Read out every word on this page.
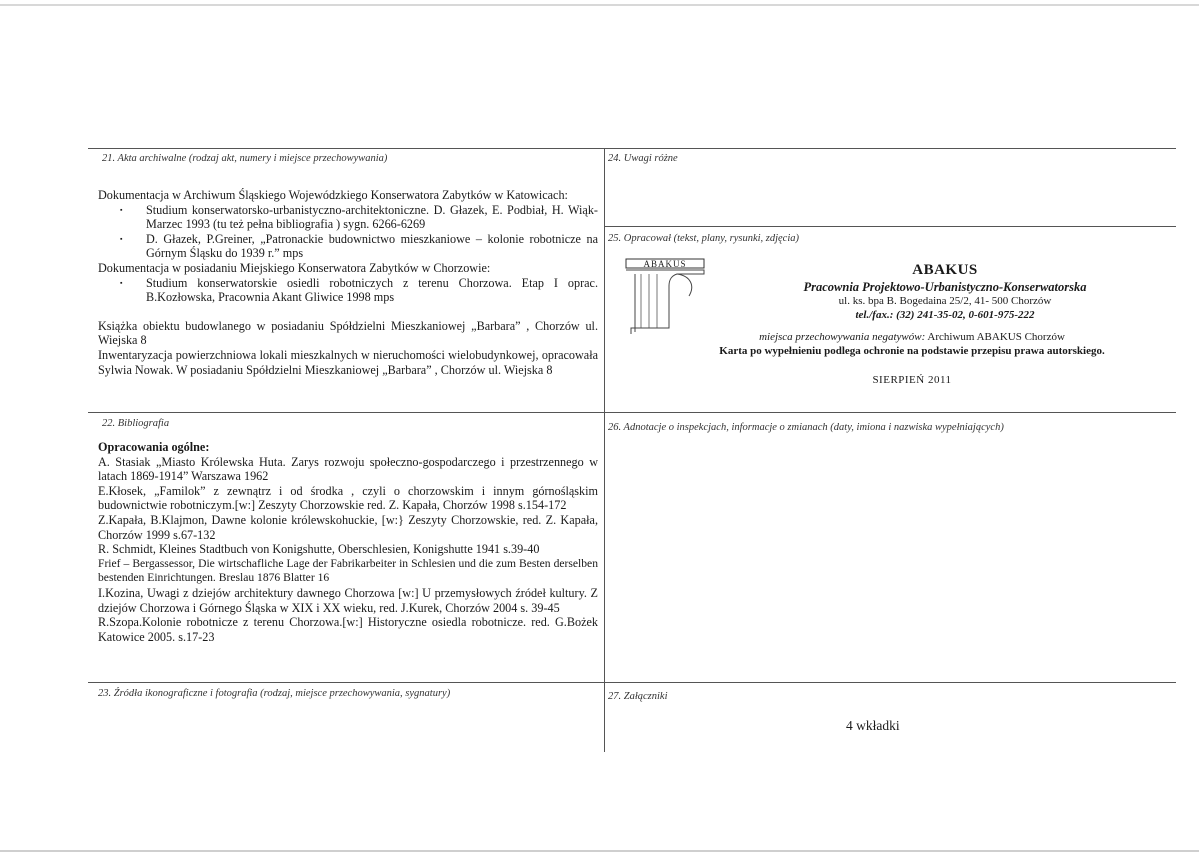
21. Akta archiwalne (rodzaj akt, numery i miejsce przechowywania)

Dokumentacja w Archiwum Śląskiego Wojewódzkiego Konserwatora Zabytków w Katowicach:

▪ Studium konserwatorsko-urbanistyczno-architektoniczne. D. Głazek, E. Podbiał, H. Wiąk-Marzec 1993 (tu też pełna bibliografia ) sygn. 6266-6269
▪ D. Głazek, P.Greiner, „Patronackie budownictwo mieszkaniowe – kolonie robotnicze na Górnym Śląsku do 1939 r.” mps

Dokumentacja w posiadaniu Miejskiego Konserwatora Zabytków w Chorzowie:

▪ Studium konserwatorskie osiedli robotniczych z terenu Chorzowa. Etap I oprac. B.Kozłowska, Pracownia Akant Gliwice 1998 mps

Książka obiektu budowlanego w posiadaniu Spółdzielni Mieszkaniowej „Barbara” , Chorzów ul. Wiejska 8

Inwentaryzacja powierzchniowa lokali mieszkalnych w nieruchomości wielobudynkowej, opracowała Sylwia Nowak. W posiadaniu Spółdzielni Mieszkaniowej „Barbara” , Chorzów ul. Wiejska 8

24. Uwagi różne
25. Opracował (tekst, plany, rysunki, zdjęcia)
ABAKUS	ABAKUS
Pracownia Projektowo-Urbanistyczno-Konserwatorska
ul. ks. bpa B. Bogedaina 25/2, 41- 500 Chorzów
tel./fax.: (32) 241-35-02, 0-601-975-222
miejsca przechowywania negatywów: Archiwum ABAKUS Chorzów
Karta po wypełnieniu podlega ochronie na podstawie przepisu prawa autorskiego.
SIERPIEŃ 2011
22. Bibliografia

Opracowania ogólne:

A. Stasiak „Miasto Królewska Huta. Zarys rozwoju społeczno-gospodarczego i przestrzennego w latach 1869-1914” Warszawa 1962

E.Kłosek, „Familok” z zewnątrz i od środka , czyli o chorzowskim i innym górnośląskim budownictwie robotniczym.[w:] Zeszyty Chorzowskie red. Z. Kapała, Chorzów 1998 s.154-172

Z.Kapała, B.Klajmon, Dawne kolonie królewskohuckie, [w:} Zeszyty Chorzowskie, red. Z. Kapała, Chorzów 1999 s.67-132

R. Schmidt, Kleines Stadtbuch von Konigshutte, Oberschlesien, Konigshutte 1941 s.39-40

Frief – Bergassessor, Die wirtschafliche Lage der Fabrikarbeiter in Schlesien und die zum Besten derselben bestenden Einrichtungen. Breslau 1876 Blatter 16

I.Kozina, Uwagi z dziejów architektury dawnego Chorzowa [w:] U przemysłowych źródeł kultury. Z dziejów Chorzowa i Górnego Śląska w XIX i XX wieku, red. J.Kurek, Chorzów 2004 s. 39-45

R.Szopa.Kolonie robotnicze z terenu Chorzowa.[w:] Historyczne osiedla robotnicze. red. G.Bożek Katowice 2005. s.17-23

26. Adnotacje o inspekcjach, informacje o zmianach (daty, imiona i nazwiska wypełniających)
23. Źródła ikonograficzne i fotografia (rodzaj, miejsce przechowywania, sygnatury)	27. Załączniki
4 wkładki
